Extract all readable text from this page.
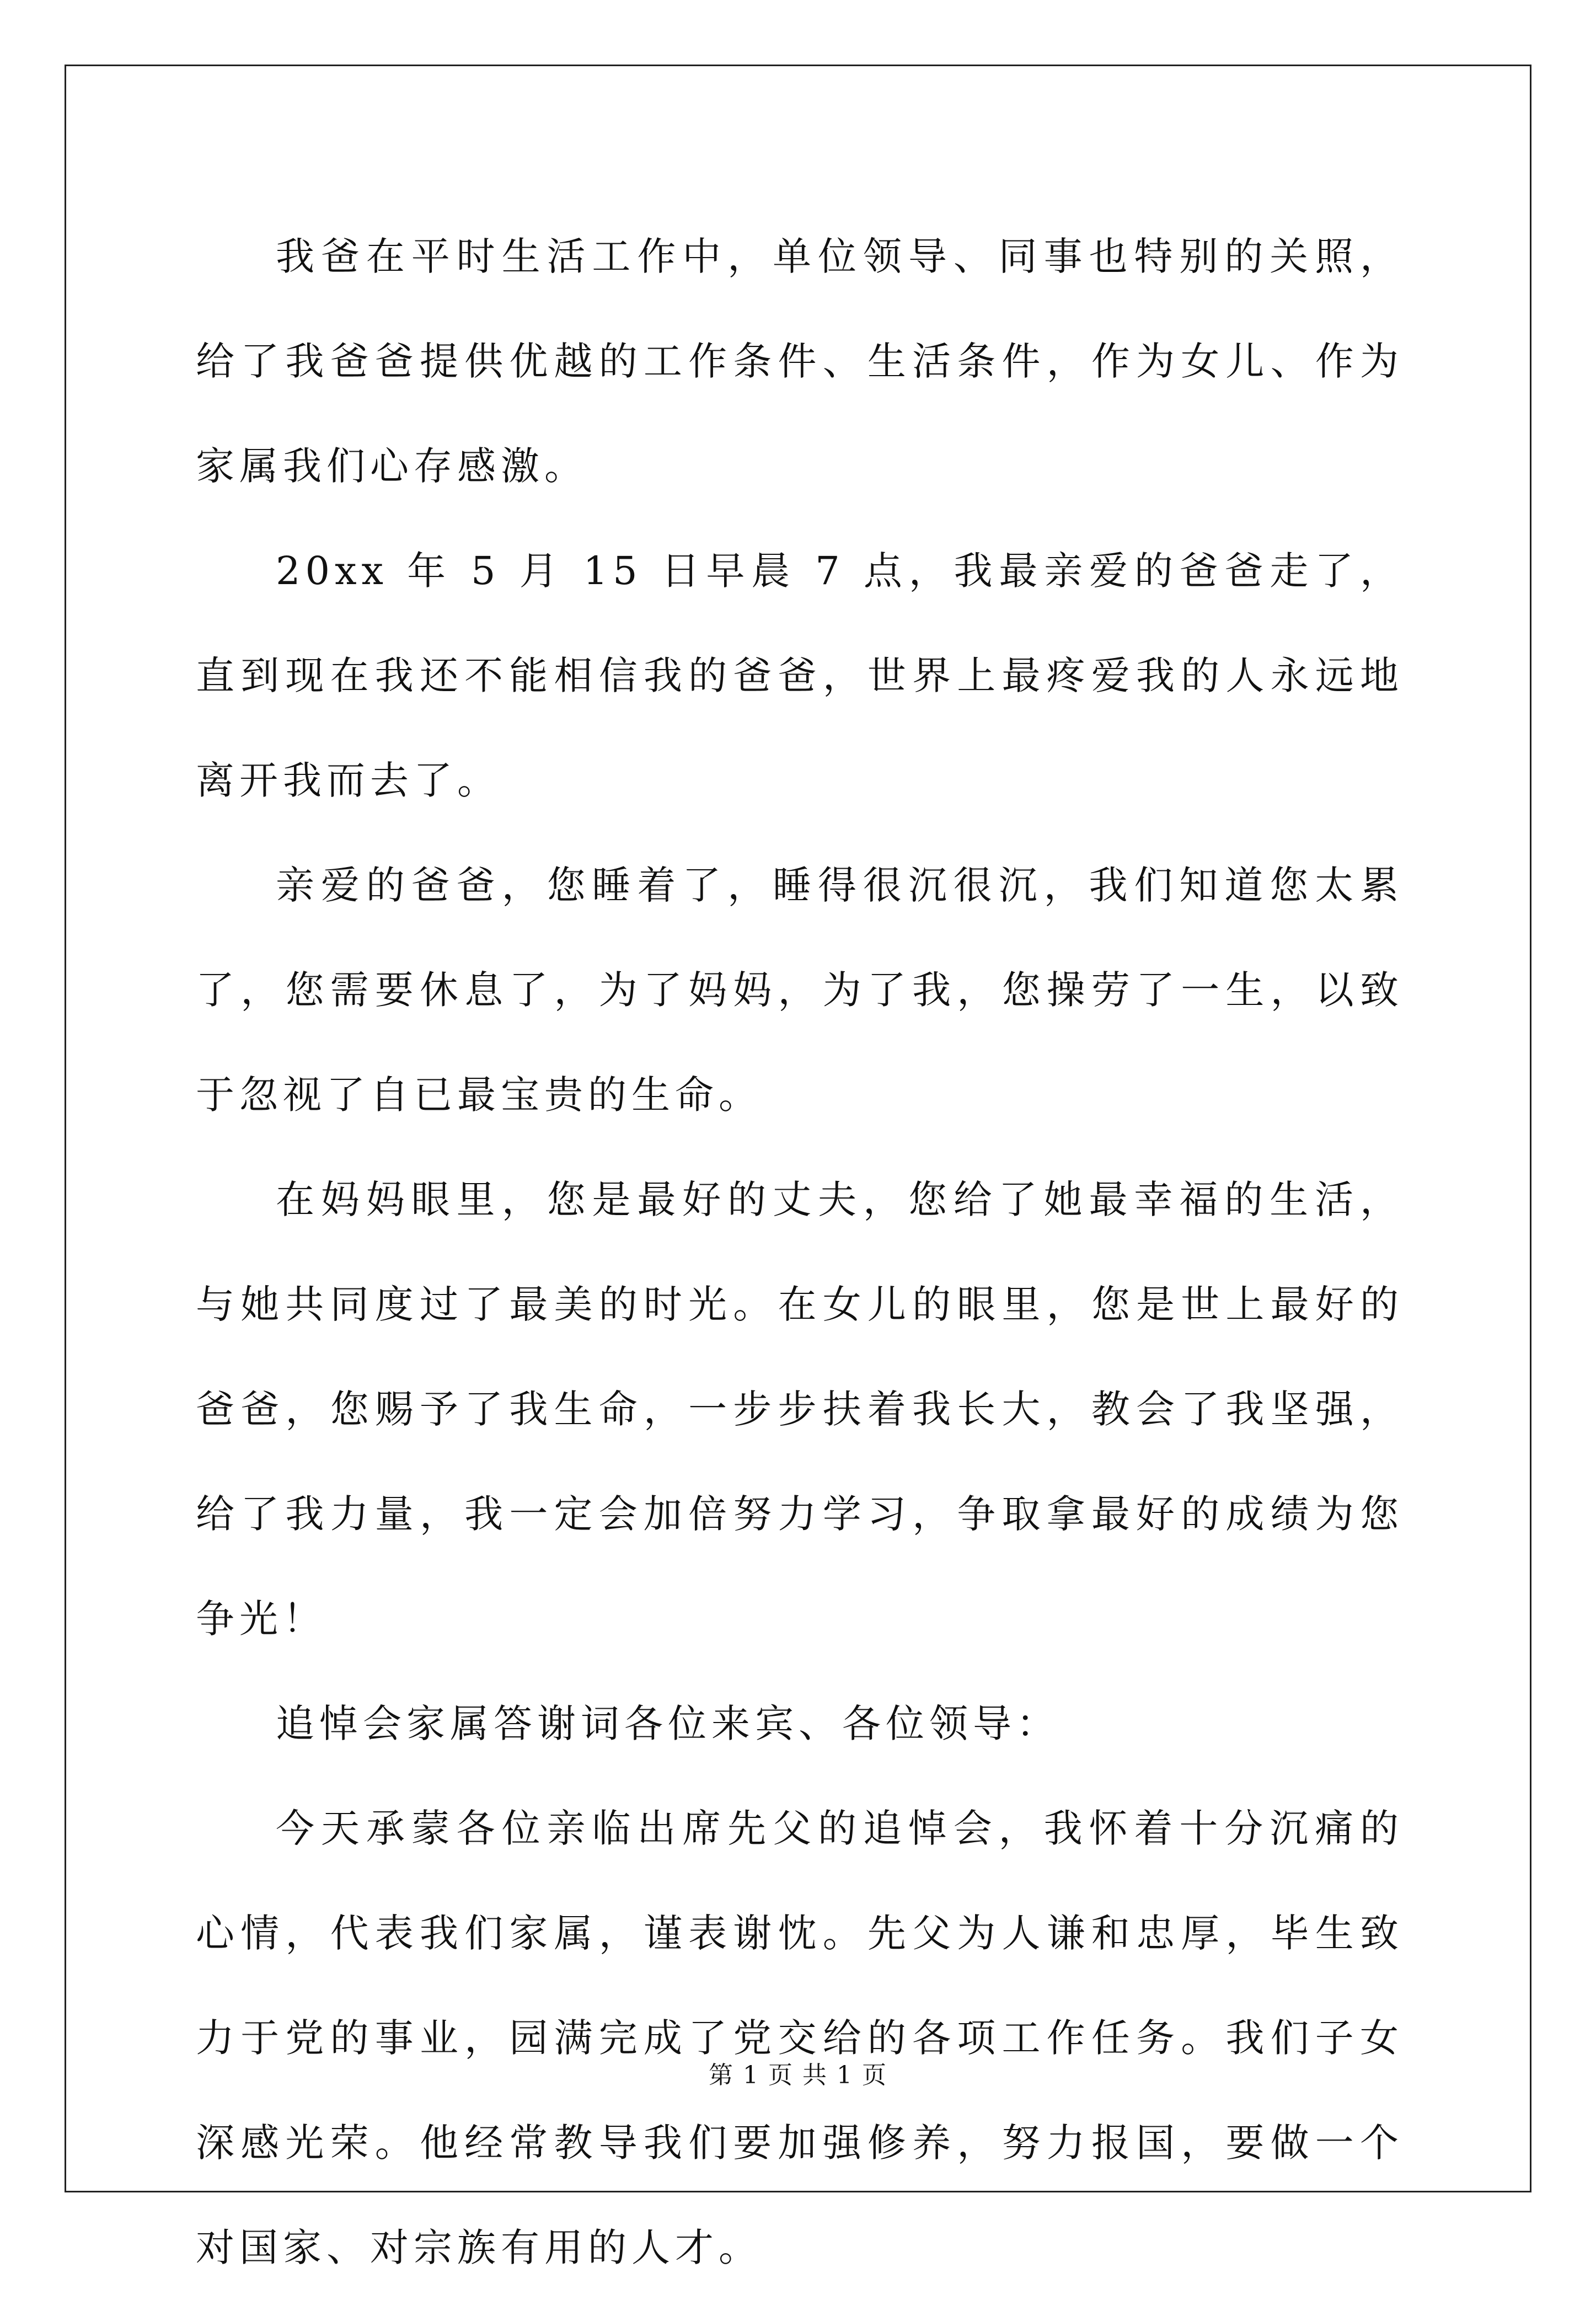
我爸在平时生活工作中，单位领导、同事也特别的关照，给了我爸爸提供优越的工作条件、生活条件，作为女儿、作为家属我们心存感激。

20xx 年 5 月 15 日早晨 7 点，我最亲爱的爸爸走了，直到现在我还不能相信我的爸爸，世界上最疼爱我的人永远地离开我而去了。

亲爱的爸爸，您睡着了，睡得很沉很沉，我们知道您太累了，您需要休息了，为了妈妈，为了我，您操劳了一生，以致于忽视了自已最宝贵的生命。

在妈妈眼里，您是最好的丈夫，您给了她最幸福的生活，与她共同度过了最美的时光。在女儿的眼里，您是世上最好的爸爸，您赐予了我生命，一步步扶着我长大，教会了我坚强，给了我力量，我一定会加倍努力学习，争取拿最好的成绩为您争光！

追悼会家属答谢词各位来宾、各位领导：

今天承蒙各位亲临出席先父的追悼会，我怀着十分沉痛的心情，代表我们家属，谨表谢忱。先父为人谦和忠厚，毕生致力于党的事业，园满完成了党交给的各项工作任务。我们子女深感光荣。他经常教导我们要加强修养，努力报国，要做一个对国家、对宗族有用的人才。

第 1 页 共 1 页
